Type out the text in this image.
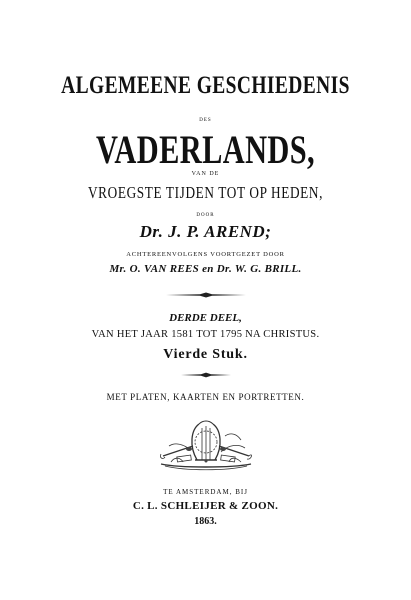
ALGEMEENE GESCHIEDENIS
DES
VADERLANDS,
VAN DE
VROEGSTE TIJDEN TOT OP HEDEN,
DOOR
Dr. J. P. AREND;
ACHTEREENVOLGENS VOORTGEZET DOOR
Mr. O. VAN REES en Dr. W. G. BRILL.
DERDE DEEL,
VAN HET JAAR 1581 TOT 1795 NA CHRISTUS.
Vierde Stuk.
MET PLATEN, KAARTEN EN PORTRETTEN.
TE AMSTERDAM, BIJ
C. L. SCHLEIJER & ZOON.
1863.
